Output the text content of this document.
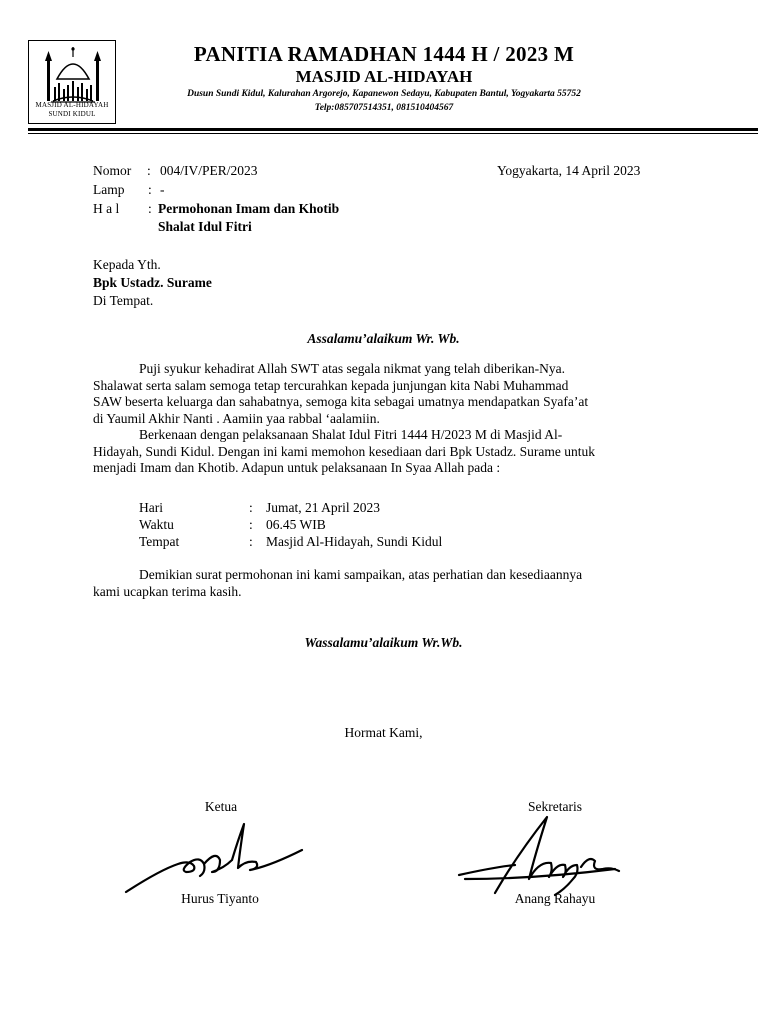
MASJID AL-HIDAYAH
SUNDI KIDUL
PANITIA RAMADHAN 1444 H / 2023 M
MASJID AL-HIDAYAH
Dusun Sundi Kidul, Kalurahan Argorejo, Kapanewon Sedayu, Kabupaten Bantul, Yogyakarta 55752
Telp:085707514351, 081510404567
Nomor : 004/IV/PER/2023	Yogyakarta, 14 April 2023
Lamp : -
H a l : Permohonan Imam dan Khotib
Shalat Idul Fitri
Kepada Yth.
Bpk Ustadz. Surame
Di Tempat.
Assalamu’alaikum Wr. Wb.
Puji syukur kehadirat Allah SWT atas segala nikmat yang telah diberikan-Nya.
Shalawat serta salam semoga tetap tercurahkan kepada junjungan kita Nabi Muhammad
SAW beserta keluarga dan sahabatnya, semoga kita sebagai umatnya mendapatkan Syafa’at
di Yaumil Akhir Nanti . Aamiin yaa rabbal ‘aalamiin.
Berkenaan dengan pelaksanaan Shalat Idul Fitri 1444 H/2023 M di Masjid Al-
Hidayah, Sundi Kidul. Dengan ini kami memohon kesediaan dari Bpk Ustadz. Surame untuk
menjadi Imam dan Khotib. Adapun untuk pelaksanaan In Syaa Allah pada :
Hari	: Jumat, 21 April 2023
Waktu	: 06.45 WIB
Tempat	: Masjid Al-Hidayah, Sundi Kidul
Demikian surat permohonan ini kami sampaikan, atas perhatian dan kesediaannya
kami ucapkan terima kasih.
Wassalamu’alaikum Wr.Wb.
Hormat Kami,
Ketua	Sekretaris
Hurus Tiyanto	Anang Rahayu
